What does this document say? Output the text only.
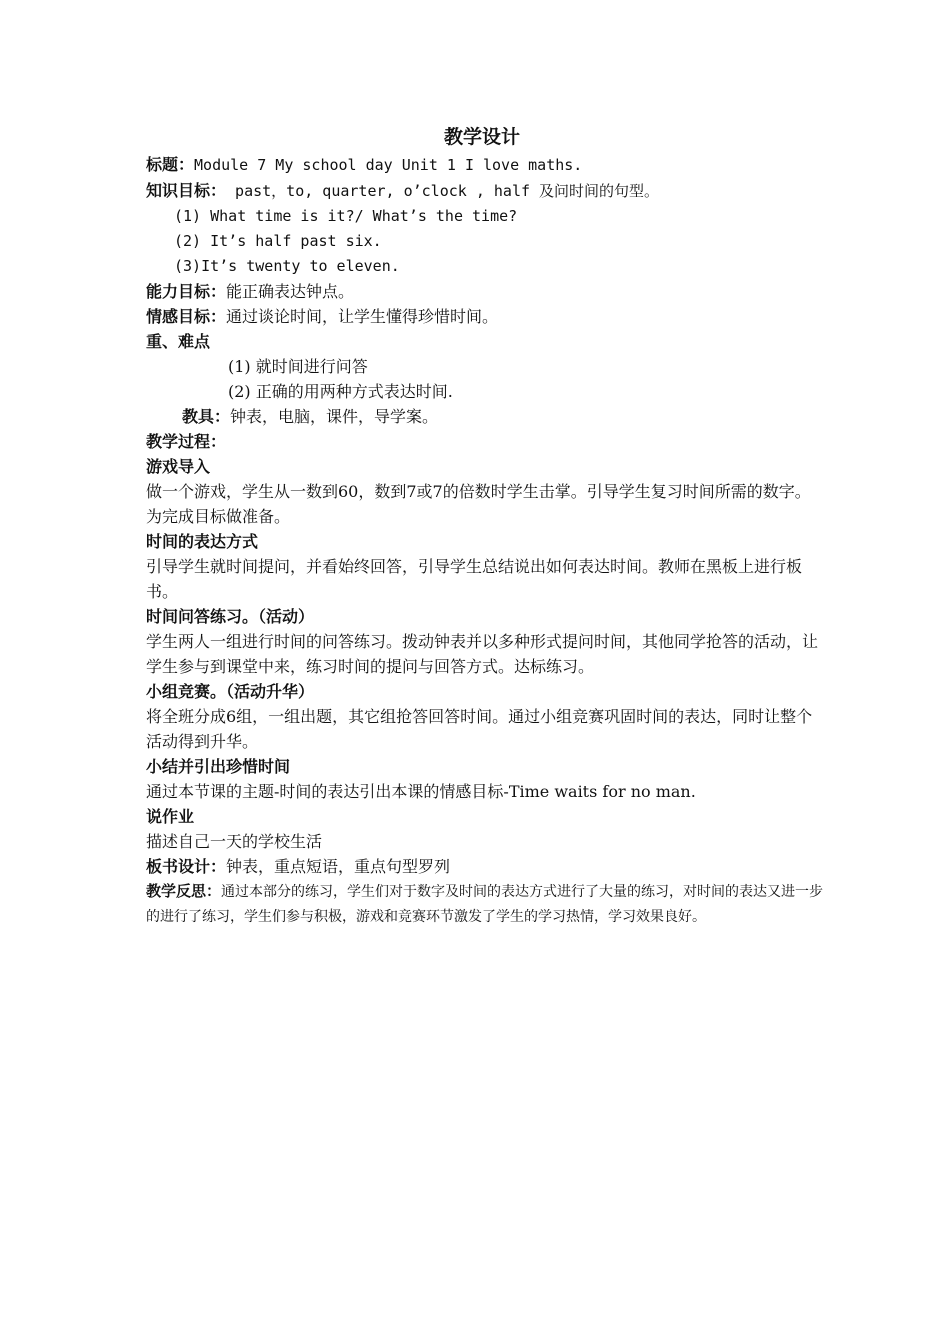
教学设计
标题：Module 7 My school day Unit 1 I love maths.
知识目标： past，to, quarter, o’clock , half 及问时间的句型。
(1) What time is it?/ What’s the time?
(2) It’s half past six.
(3)It’s twenty to eleven.
能力目标：能正确表达钟点。
情感目标：通过谈论时间，让学生懂得珍惜时间。
重、难点
(1) 就时间进行问答
(2) 正确的用两种方式表达时间.
教具：钟表，电脑，课件，导学案。
教学过程：
游戏导入
做一个游戏，学生从一数到60，数到7或7的倍数时学生击掌。引导学生复习时间所需的数字。为完成目标做准备。
时间的表达方式
引导学生就时间提问，并看始终回答，引导学生总结说出如何表达时间。教师在黑板上进行板书。
时间问答练习。（活动）
学生两人一组进行时间的问答练习。拨动钟表并以多种形式提问时间，其他同学抢答的活动，让学生参与到课堂中来，练习时间的提问与回答方式。达标练习。
小组竞赛。（活动升华）
将全班分成6组，一组出题，其它组抢答回答时间。通过小组竞赛巩固时间的表达，同时让整个活动得到升华。
小结并引出珍惜时间
通过本节课的主题-时间的表达引出本课的情感目标-Time waits for no man.
说作业
描述自己一天的学校生活
板书设计：钟表，重点短语，重点句型罗列
教学反思：通过本部分的练习，学生们对于数字及时间的表达方式进行了大量的练习，对时间的表达又进一步的进行了练习，学生们参与积极，游戏和竞赛环节激发了学生的学习热情，学习效果良好。
